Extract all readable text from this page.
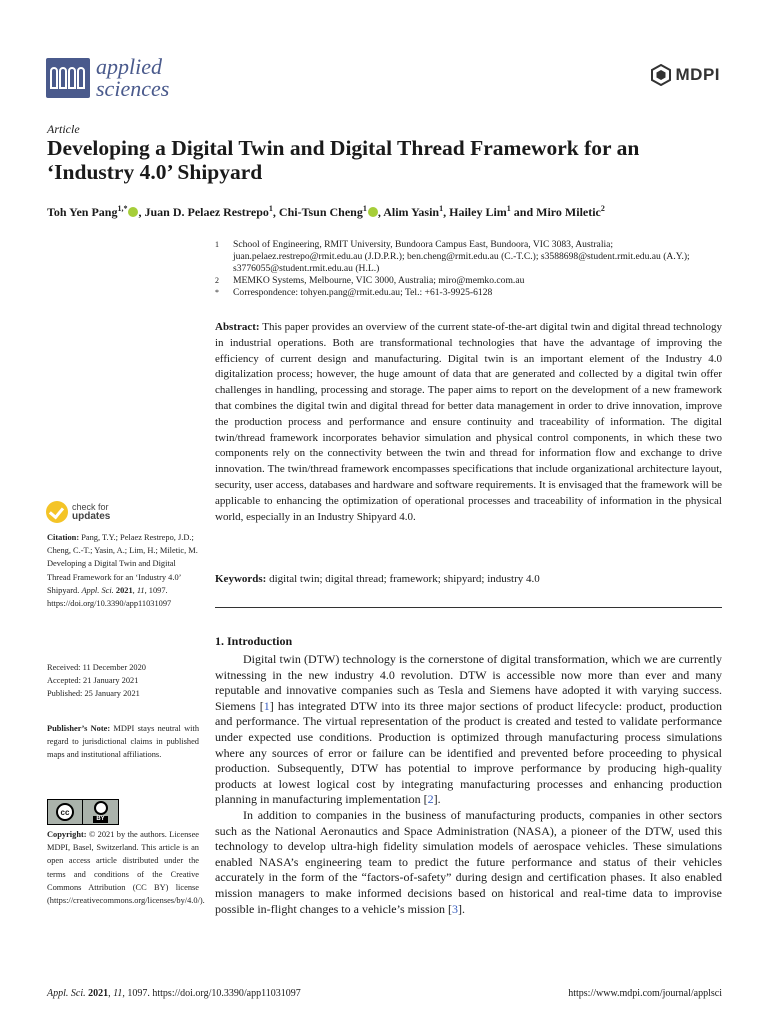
applied
sciences
MDPI
Article
Developing a Digital Twin and Digital Thread Framework for an ‘Industry 4.0’ Shipyard
Toh Yen Pang$^{1,*}$ , Juan D. Pelaez Restrepo$^1$, Chi-Tsun Cheng$^1$ , Alim Yasin$^1$, Hailey Lim$^1$ and Miro Miletic$^2$
1	School of Engineering, RMIT University, Bundoora Campus East, Bundoora, VIC 3083, Australia; juan.pelaez.restrepo@rmit.edu.au (J.D.P.R.); ben.cheng@rmit.edu.au (C.-T.C.); s3588698@student.rmit.edu.au (A.Y.); s3776055@student.rmit.edu.au (H.L.)
2	MEMKO Systems, Melbourne, VIC 3000, Australia; miro@memko.com.au
*	Correspondence: tohyen.pang@rmit.edu.au; Tel.: +61-3-9925-6128
Abstract: This paper provides an overview of the current state-of-the-art digital twin and digital thread technology in industrial operations. Both are transformational technologies that have the advantage of improving the efficiency of current design and manufacturing. Digital twin is an important element of the Industry 4.0 digitalization process; however, the huge amount of data that are generated and collected by a digital twin offer challenges in handling, processing and storage. The paper aims to report on the development of a new framework that combines the digital twin and digital thread for better data management in order to drive innovation, improve the production process and performance and ensure continuity and traceability of information. The digital twin/thread framework incorporates behavior simulation and physical control components, in which these two components rely on the connectivity between the twin and thread for information flow and exchange to drive innovation. The twin/thread framework encompasses specifications that include organizational architecture layout, security, user access, databases and hardware and software requirements. It is envisaged that the framework will be applicable to enhancing the optimization of operational processes and traceability of information in the physical world, especially in an Industry Shipyard 4.0.
Keywords: digital twin; digital thread; framework; shipyard; industry 4.0
check for
updates
Citation: Pang, T.Y.; Pelaez Restrepo, J.D.; Cheng, C.-T.; Yasin, A.; Lim, H.; Miletic, M. Developing a Digital Twin and Digital Thread Framework for an ‘Industry 4.0’ Shipyard. Appl. Sci. 2021, 11, 1097. https://doi.org/10.3390/app11031097
Received: 11 December 2020
Accepted: 21 January 2021
Published: 25 January 2021
Publisher’s Note: MDPI stays neutral with regard to jurisdictional claims in published maps and institutional affiliations.
cc
BY
Copyright: © 2021 by the authors. Licensee MDPI, Basel, Switzerland. This article is an open access article distributed under the terms and conditions of the Creative Commons Attribution (CC BY) license (https://creativecommons.org/licenses/by/4.0/).
1. Introduction

Digital twin (DTW) technology is the cornerstone of digital transformation, which we are currently witnessing in the new industry 4.0 revolution. DTW is accessible now more than ever and many reputable and innovative companies such as Tesla and Siemens have adopted it with varying success. Siemens [1] has integrated DTW into its three major sections of product lifecycle: product, production and performance. The virtual representation of the product is created and tested to validate performance under expected use conditions. Production is optimized through manufacturing process simulations where any sources of error or failure can be identified and prevented before proceeding to physical production. Subsequently, DTW has potential to improve performance by producing high-quality products at lowest logical cost by integrating manufacturing processes and enhancing production planning in manufacturing implementation [2].

In addition to companies in the business of manufacturing products, companies in other sectors such as the National Aeronautics and Space Administration (NASA), a pioneer of the DTW, used this technology to develop ultra-high fidelity simulation models of aerospace vehicles. These simulations enabled NASA’s engineering team to predict the future performance and status of their vehicles accurately in the form of the “factors-of-safety” during design and certification phases. It also enabled mission managers to make informed decisions based on historical and real-time data to improvise possible in-flight changes to a vehicle’s mission [3].

Appl. Sci. 2021, 11, 1097. https://doi.org/10.3390/app11031097	https://www.mdpi.com/journal/applsci
